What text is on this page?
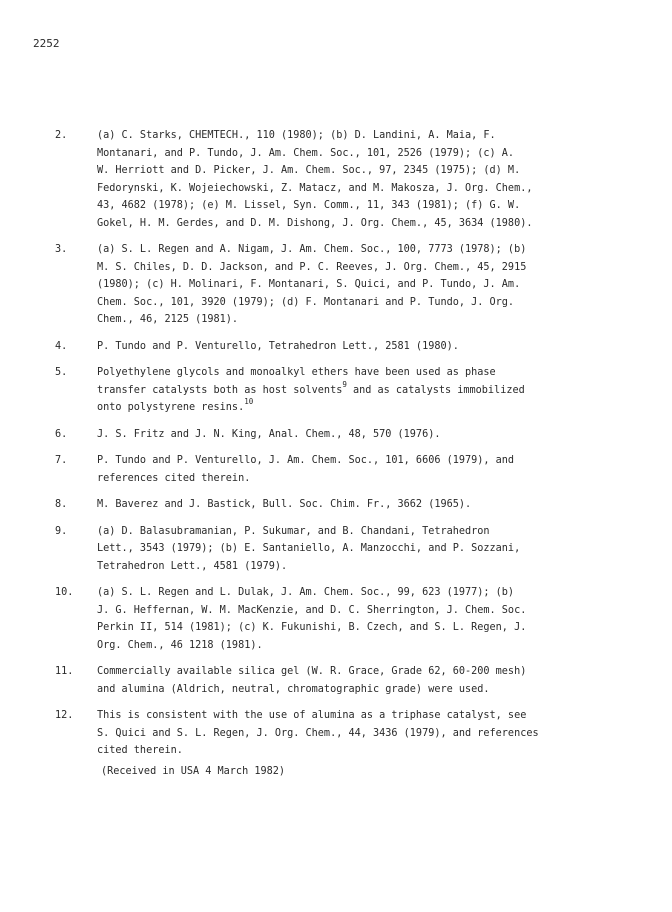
2252
2.	(a) C. Starks, CHEMTECH., 110 (1980); (b) D. Landini, A. Maia, F.
Montanari, and P. Tundo, J. Am. Chem. Soc., 101, 2526 (1979); (c) A.
W. Herriott and D. Picker, J. Am. Chem. Soc., 97, 2345 (1975); (d) M.
Fedorynski, K. Wojeiechowski, Z. Matacz, and M. Makosza, J. Org. Chem.,
43, 4682 (1978); (e) M. Lissel, Syn. Comm., 11, 343 (1981); (f) G. W.
Gokel, H. M. Gerdes, and D. M. Dishong, J. Org. Chem., 45, 3634 (1980).
3.	(a) S. L. Regen and A. Nigam, J. Am. Chem. Soc., 100, 7773 (1978); (b)
M. S. Chiles, D. D. Jackson, and P. C. Reeves, J. Org. Chem., 45, 2915
(1980); (c) H. Molinari, F. Montanari, S. Quici, and P. Tundo, J. Am.
Chem. Soc., 101, 3920 (1979); (d) F. Montanari and P. Tundo, J. Org.
Chem., 46, 2125 (1981).
4.	P. Tundo and P. Venturello, Tetrahedron Lett., 2581 (1980).
5.	Polyethylene glycols and monoalkyl ethers have been used as phase
transfer catalysts both as host solvents$^9$ and as catalysts immobilized
onto polystyrene resins.$^{10}$
6.	J. S. Fritz and J. N. King, Anal. Chem., 48, 570 (1976).
7.	P. Tundo and P. Venturello, J. Am. Chem. Soc., 101, 6606 (1979), and
references cited therein.
8.	M. Baverez and J. Bastick, Bull. Soc. Chim. Fr., 3662 (1965).
9.	(a) D. Balasubramanian, P. Sukumar, and B. Chandani, Tetrahedron
Lett., 3543 (1979); (b) E. Santaniello, A. Manzocchi, and P. Sozzani,
Tetrahedron Lett., 4581 (1979).
10.	(a) S. L. Regen and L. Dulak, J. Am. Chem. Soc., 99, 623 (1977); (b)
J. G. Heffernan, W. M. MacKenzie, and D. C. Sherrington, J. Chem. Soc.
Perkin II, 514 (1981); (c) K. Fukunishi, B. Czech, and S. L. Regen, J.
Org. Chem., 46 1218 (1981).
11.	Commercially available silica gel (W. R. Grace, Grade 62, 60-200 mesh)
and alumina (Aldrich, neutral, chromatographic grade) were used.
12.	This is consistent with the use of alumina as a triphase catalyst, see
S. Quici and S. L. Regen, J. Org. Chem., 44, 3436 (1979), and references
cited therein.
(Received in USA 4 March 1982)
